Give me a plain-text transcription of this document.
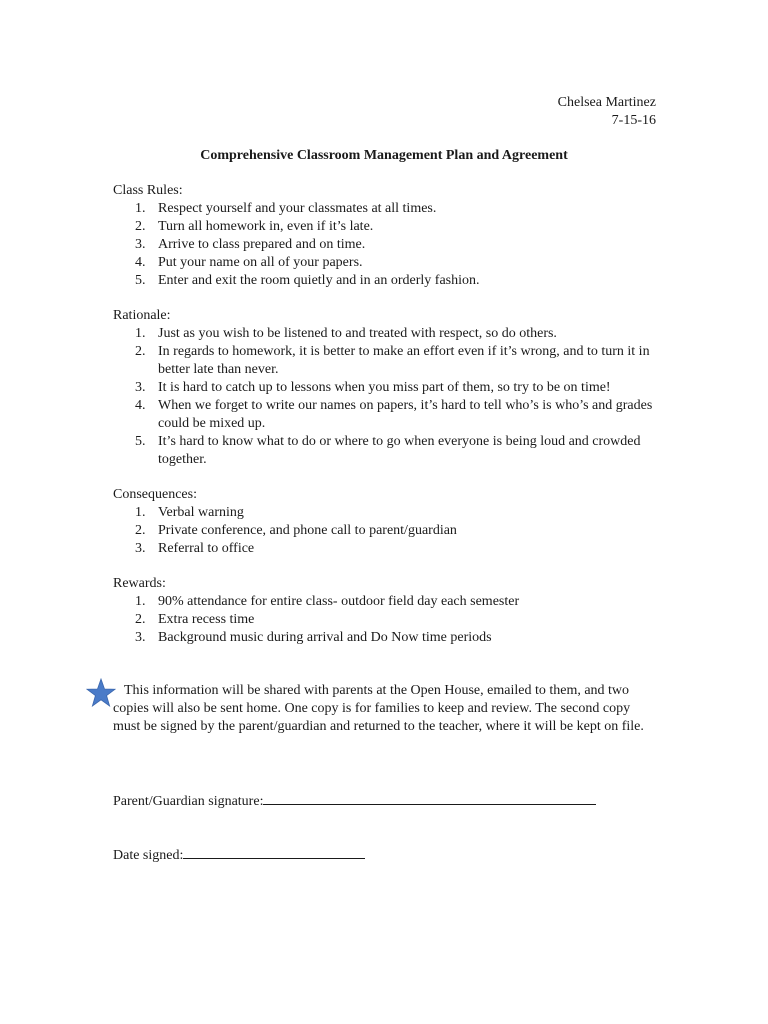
Chelsea Martinez
7-15-16
Comprehensive Classroom Management Plan and Agreement
Class Rules:
1. Respect yourself and your classmates at all times.
2. Turn all homework in, even if it’s late.
3. Arrive to class prepared and on time.
4. Put your name on all of your papers.
5. Enter and exit the room quietly and in an orderly fashion.
Rationale:
1. Just as you wish to be listened to and treated with respect, so do others.
2. In regards to homework, it is better to make an effort even if it’s wrong, and to turn it in better late than never.
3. It is hard to catch up to lessons when you miss part of them, so try to be on time!
4. When we forget to write our names on papers, it’s hard to tell who’s is who’s and grades could be mixed up.
5. It’s hard to know what to do or where to go when everyone is being loud and crowded together.
Consequences:
1. Verbal warning
2. Private conference, and phone call to parent/guardian
3. Referral to office
Rewards:
1. 90% attendance for entire class- outdoor field day each semester
2. Extra recess time
3. Background music during arrival and Do Now time periods
This information will be shared with parents at the Open House, emailed to them, and two copies will also be sent home. One copy is for families to keep and review. The second copy must be signed by the parent/guardian and returned to the teacher, where it will be kept on file.
Parent/Guardian signature:
Date signed:
